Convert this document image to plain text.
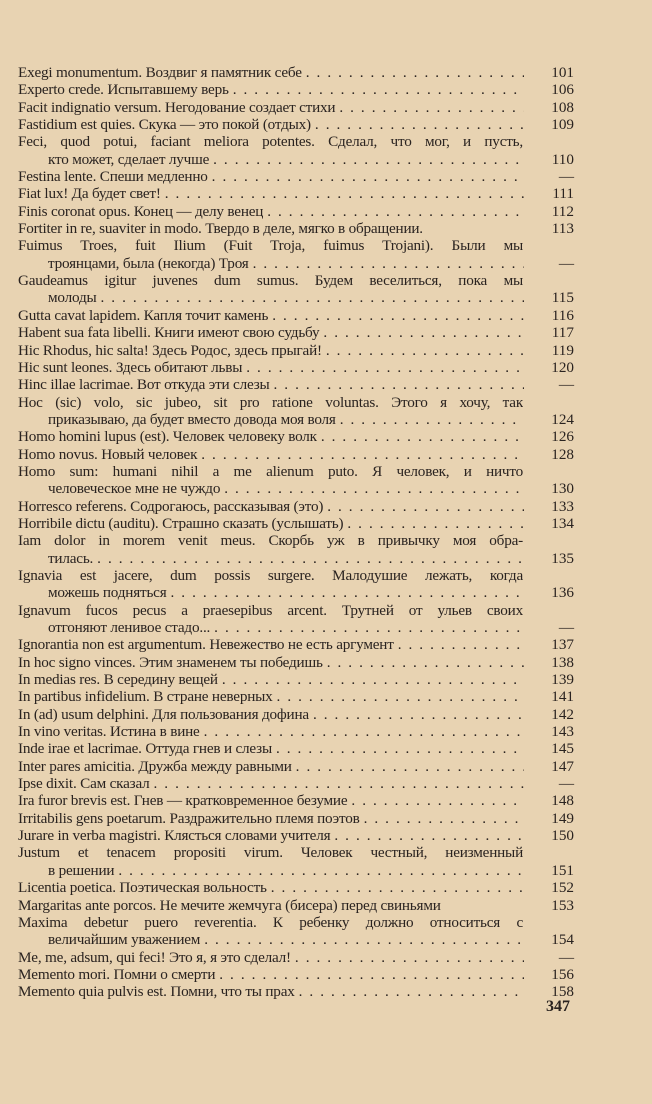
Exegi monumentum. Воздвиг я памятник себе . . .	101
Experto crede. Испытавшему верь . . .	106
Facit indignatio versum. Негодование создает стихи . . .	108
Fastidium est quies. Скука — это покой (отдых) . . .	109
Feci, quod potui, faciant meliora potentes. Сделал, что мог, и пусть,
кто может, сделает лучше . . .	110
Festina lente. Спеши медленно . . .	—
Fiat lux! Да будет свет! . . .	111
Finis coronat opus. Конец — делу венец . . .	112
Fortiter in re, suaviter in modo. Твердо в деле, мягко в обращении.	113
Fuimus Troes, fuit Ilium (Fuit Troja, fuimus Trojani). Были мы
троянцами, была (некогда) Троя . . .	—
Gaudeamus igitur juvenes dum sumus. Будем веселиться, пока мы
молоды . . .	115
Gutta cavat lapidem. Капля точит камень . . .	116
Habent sua fata libelli. Книги имеют свою судьбу . . .	117
Hic Rhodus, hic salta! Здесь Родос, здесь прыгай! . . .	119
Hic sunt leones. Здесь обитают львы . . .	120
Hinc illae lacrimae. Вот откуда эти слезы . . .	—
Hoc (sic) volo, sic jubeo, sit pro ratione voluntas. Этого я хочу, так
приказываю, да будет вместо довода моя воля . . .	124
Homo homini lupus (est). Человек человеку волк . . .	126
Homo novus. Новый человек . . .	128
Homo sum: humani nihil a me alienum puto. Я человек, и ничто
человеческое мне не чуждо . . .	130
Horresco referens. Содрогаюсь, рассказывая (это) . . .	133
Horribile dictu (auditu). Страшно сказать (услышать) . . .	134
Iam dolor in morem venit meus. Скорбь уж в привычку моя обра-
тилась. . . .	135
Ignavia est jacere, dum possis surgere. Малодушие лежать, когда
можешь подняться . . .	136
Ignavum fucos pecus a praesepibus arcent. Трутней от ульев своих
отгоняют ленивое стадо... . . .	—
Ignorantia non est argumentum. Невежество не есть аргумент . . .	137
In hoc signo vinces. Этим знаменем ты победишь . . .	138
In medias res. В середину вещей . . .	139
In partibus infidelium. В стране неверных . . .	141
In (ad) usum delphini. Для пользования дофина . . .	142
In vino veritas. Истина в вине . . .	143
Inde irae et lacrimae. Оттуда гнев и слезы . . .	145
Inter pares amicitia. Дружба между равными . . .	147
Ipse dixit. Сам сказал . . .	—
Ira furor brevis est. Гнев — кратковременное безумие . . .	148
Irritabilis gens poetarum. Раздражительно племя поэтов . . .	149
Jurare in verba magistri. Клясться словами учителя . . .	150
Justum et tenacem propositi virum. Человек честный, неизменный
в решении . . .	151
Licentia poetica. Поэтическая вольность . . .	152
Margaritas ante porcos. Не мечите жемчуга (бисера) перед свиньями	153
Maxima debetur puero reverentia. К ребенку должно относиться с
величайшим уважением . . .	154
Me, me, adsum, qui feci! Это я, я это сделал! . . .	—
Memento mori. Помни о смерти . . .	156
Memento quia pulvis est. Помни, что ты прах . . .	158
347
